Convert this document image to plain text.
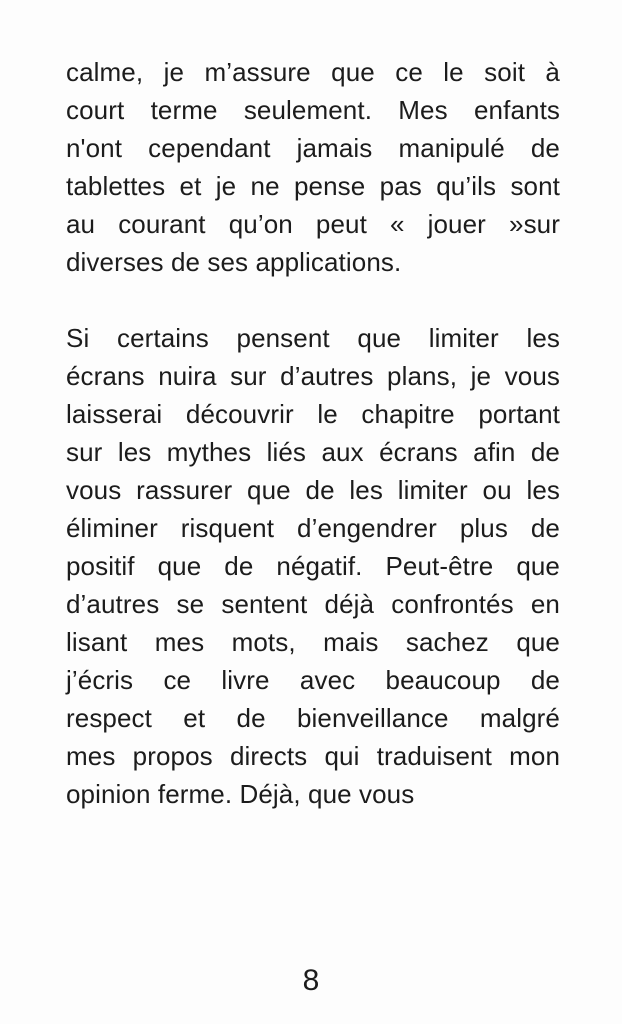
calme, je m’assure que ce le soit à
court terme seulement. Mes enfants
n'ont cependant jamais manipulé de
tablettes et je ne pense pas qu’ils sont
au courant qu’on peut « jouer »sur
diverses de ses applications.
Si certains pensent que limiter les
écrans nuira sur d’autres plans, je vous
laisserai découvrir le chapitre portant
sur les mythes liés aux écrans afin de
vous rassurer que de les limiter ou les
éliminer risquent d’engendrer plus de
positif que de négatif. Peut-être que
d’autres se sentent déjà confrontés en
lisant mes mots, mais sachez que
j’écris ce livre avec beaucoup de
respect et de bienveillance malgré
mes propos directs qui traduisent mon
opinion ferme. Déjà, que vous
8
